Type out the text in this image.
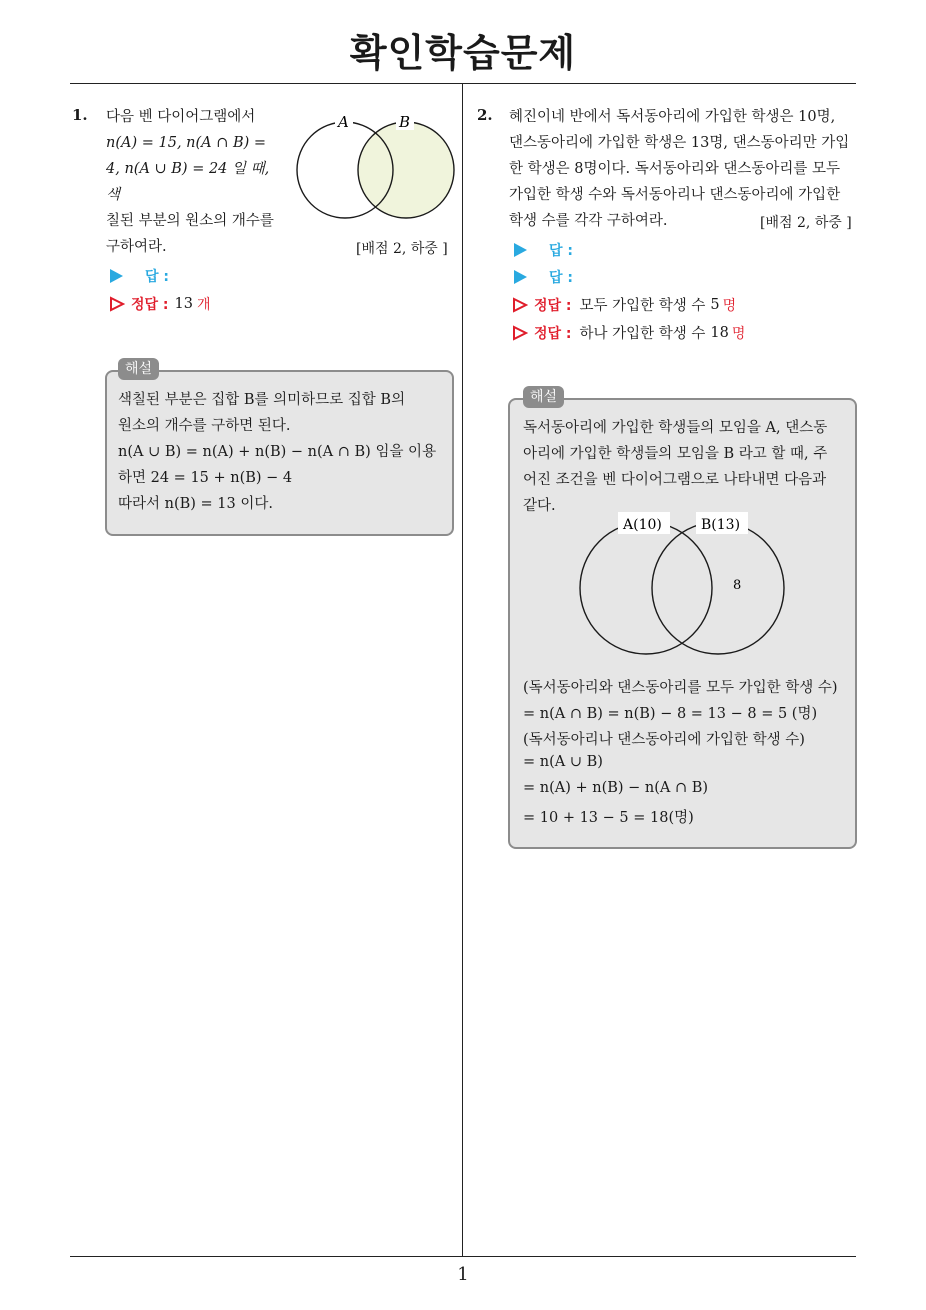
확인학습문제
1. 다음 벤 다이어그램에서
n(A) = 15, n(A ∩ B) =
4, n(A ∪ B) = 24 일 때, 색
칠된 부분의 원소의 개수를
구하여라.
A	B
[배점 2, 하중 ]
답 :
정답 : 13 개
색칠된 부분은 집합 B를 의미하므로 집합 B의
원소의 개수를 구하면 된다.
n(A ∪ B) = n(A) + n(B) − n(A ∩ B) 임을 이용
하면 24 = 15 + n(B) − 4
따라서 n(B) = 13 이다.
해설
2. 혜진이네 반에서 독서동아리에 가입한 학생은 10명,
댄스동아리에 가입한 학생은 13명, 댄스동아리만 가입
한 학생은 8명이다. 독서동아리와 댄스동아리를 모두
가입한 학생 수와 독서동아리나 댄스동아리에 가입한
학생 수를 각각 구하여라.	[배점 2, 하중 ]
답 :
답 :
정답 : 모두 가입한 학생 수 5 명
정답 : 하나 가입한 학생 수 18 명
독서동아리에 가입한 학생들의 모임을 A, 댄스동
아리에 가입한 학생들의 모임을 B 라고 할 때, 주
어진 조건을 벤 다이어그램으로 나타내면 다음과
같다.
A(10)	B(13)
8
(독서동아리와 댄스동아리를 모두 가입한 학생 수)
= n(A ∩ B) = n(B) − 8 = 13 − 8 = 5 (명)
(독서동아리나 댄스동아리에 가입한 학생 수)
= n(A ∪ B)
= n(A) + n(B) − n(A ∩ B)
= 10 + 13 − 5 = 18(명)
해설
1
